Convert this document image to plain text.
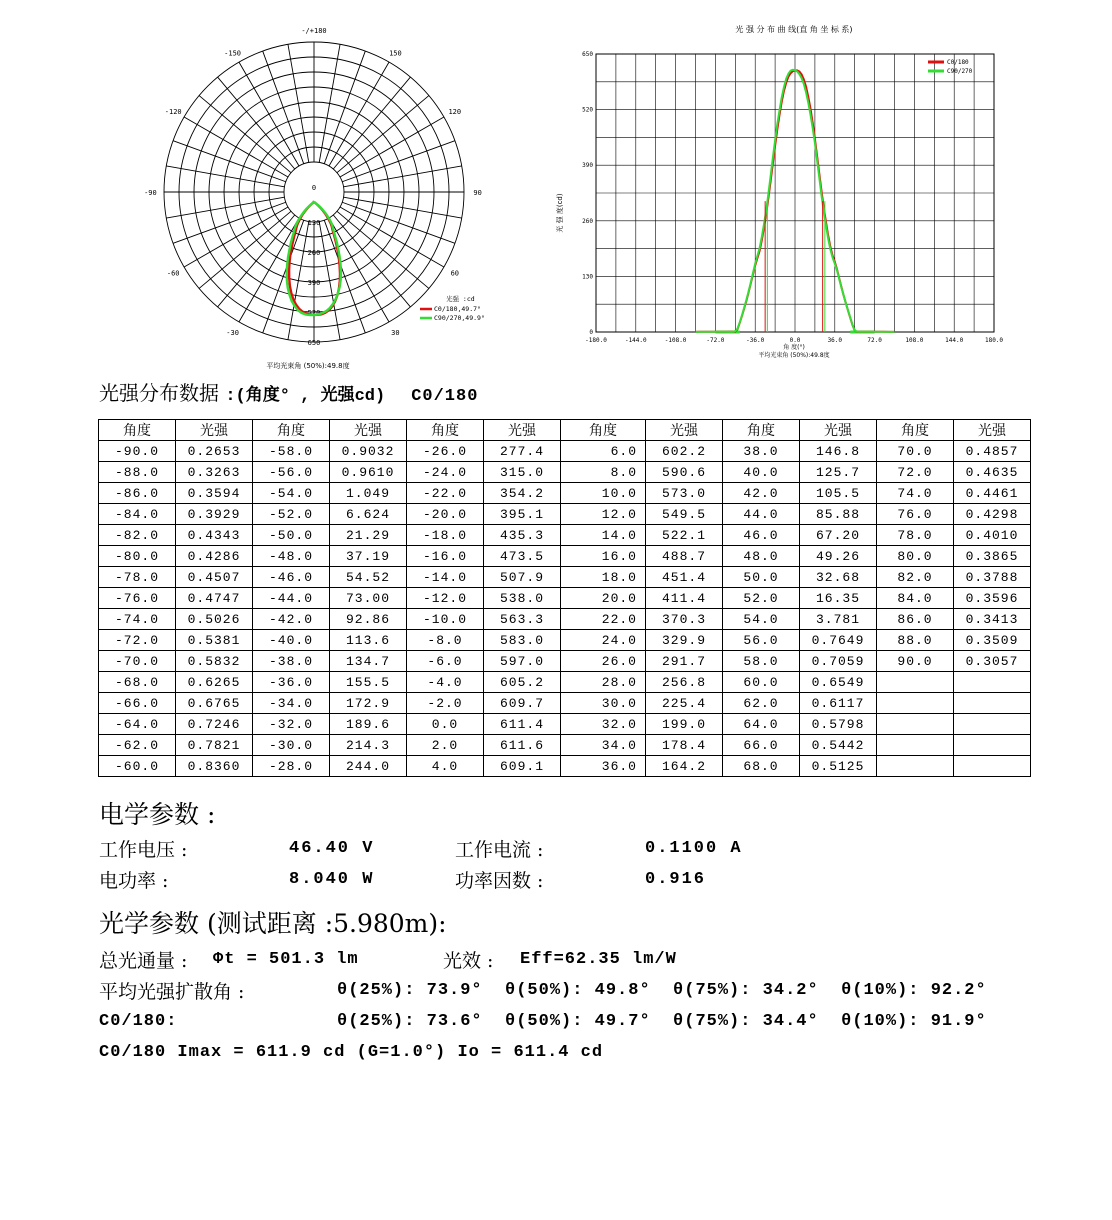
0
130
260
390
520
650
-/+180
-150	150
-120	120
-90	90
-60	60
-30	30
光强 :cd
C0/180,49.7°
C90/270,49.9°
平均光束角 (50%):49.8度
光 强 分 布 曲 线(直 角 坐 标 系)
光 强 度(cd)
-180.0	-144.0	-108.0	-72.0	-36.0	0.0	36.0	72.0	108.0	144.0	180.0
0
130
260
390
520
650
C0/180
C90/270
角 度(°)
平均光束角 (50%):49.8度
光强分布数据 :(角度° , 光强cd) C0/180
角度	光强	角度	光强	角度	光强	角度	光强	角度	光强	角度	光强
-90.0	0.2653	-58.0	0.9032	-26.0	277.4	6.0	602.2	38.0	146.8	70.0	0.4857
-88.0	0.3263	-56.0	0.9610	-24.0	315.0	8.0	590.6	40.0	125.7	72.0	0.4635
-86.0	0.3594	-54.0	1.049	-22.0	354.2	10.0	573.0	42.0	105.5	74.0	0.4461
-84.0	0.3929	-52.0	6.624	-20.0	395.1	12.0	549.5	44.0	85.88	76.0	0.4298
-82.0	0.4343	-50.0	21.29	-18.0	435.3	14.0	522.1	46.0	67.20	78.0	0.4010
-80.0	0.4286	-48.0	37.19	-16.0	473.5	16.0	488.7	48.0	49.26	80.0	0.3865
-78.0	0.4507	-46.0	54.52	-14.0	507.9	18.0	451.4	50.0	32.68	82.0	0.3788
-76.0	0.4747	-44.0	73.00	-12.0	538.0	20.0	411.4	52.0	16.35	84.0	0.3596
-74.0	0.5026	-42.0	92.86	-10.0	563.3	22.0	370.3	54.0	3.781	86.0	0.3413
-72.0	0.5381	-40.0	113.6	-8.0	583.0	24.0	329.9	56.0	0.7649	88.0	0.3509
-70.0	0.5832	-38.0	134.7	-6.0	597.0	26.0	291.7	58.0	0.7059	90.0	0.3057
-68.0	0.6265	-36.0	155.5	-4.0	605.2	28.0	256.8	60.0	0.6549		
-66.0	0.6765	-34.0	172.9	-2.0	609.7	30.0	225.4	62.0	0.6117		
-64.0	0.7246	-32.0	189.6	0.0	611.4	32.0	199.0	64.0	0.5798		
-62.0	0.7821	-30.0	214.3	2.0	611.6	34.0	178.4	66.0	0.5442		
-60.0	0.8360	-28.0	244.0	4.0	609.1	36.0	164.2	68.0	0.5125		
电学参数 :
工作电压 :	46.40 V	工作电流 :	0.1100 A
电功率 :	8.040 W	功率因数 :	0.916
光学参数 (测试距离 :5.980m):
总光通量 : Φt = 501.3 lm	光效 : Eff=62.35 lm/W
平均光强扩散角 :	θ(25%): 73.9°  θ(50%): 49.8°  θ(75%): 34.2°  θ(10%): 92.2°
C0/180:	θ(25%): 73.6°  θ(50%): 49.7°  θ(75%): 34.4°  θ(10%): 91.9°
C0/180 Imax = 611.9 cd (G=1.0°) Io = 611.4 cd
